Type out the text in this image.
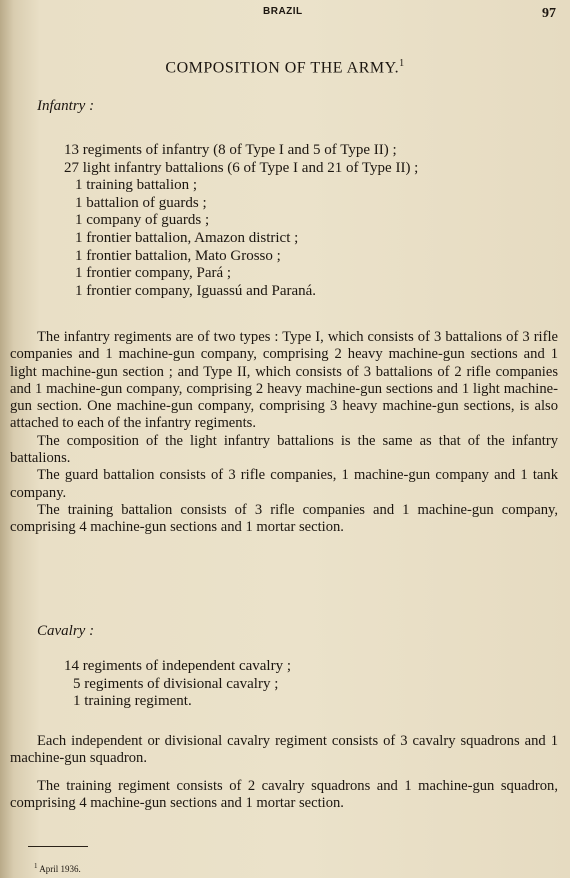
BRAZIL	97
COMPOSITION OF THE ARMY.$^1$
Infantry :
13 regiments of infantry (8 of Type I and 5 of Type II) ;
27 light infantry battalions (6 of Type I and 21 of Type II) ;
1 training battalion ;
1 battalion of guards ;
1 company of guards ;
1 frontier battalion, Amazon district ;
1 frontier battalion, Mato Grosso ;
1 frontier company, Pará ;
1 frontier company, Iguassú and Paraná.

The infantry regiments are of two types : Type I, which consists of 3 battalions of 3 rifle companies and 1 machine-gun company, comprising 2 heavy machine-gun sections and 1 light machine-gun section ; and Type II, which consists of 3 battalions of 2 rifle companies and 1 machine-gun company, comprising 2 heavy machine-gun sections and 1 light machine-gun section. One machine-gun company, comprising 3 heavy machine-gun sections, is also attached to each of the infantry regiments.

The composition of the light infantry battalions is the same as that of the infantry battalions.

The guard battalion consists of 3 rifle companies, 1 machine-gun company and 1 tank company.

The training battalion consists of 3 rifle companies and 1 machine-gun company, comprising 4 machine-gun sections and 1 mortar section.

Cavalry :
14 regiments of independent cavalry ;
5 regiments of divisional cavalry ;
1 training regiment.

Each independent or divisional cavalry regiment consists of 3 cavalry squadrons and 1 machine-gun squadron.

The training regiment consists of 2 cavalry squadrons and 1 machine-gun squadron, comprising 4 machine-gun sections and 1 mortar section.

$^1$ April 1936.
